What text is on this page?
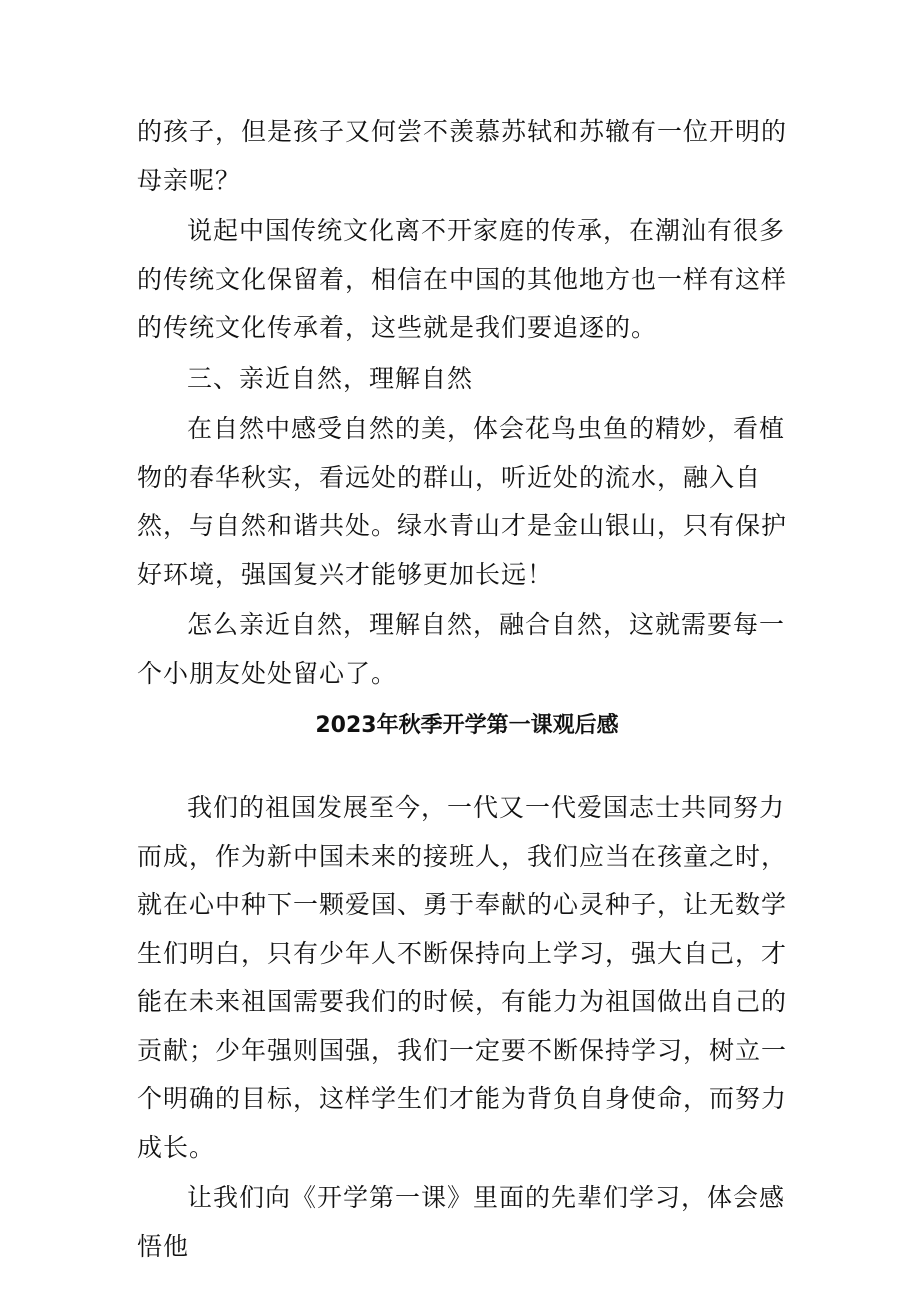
的孩子，但是孩子又何尝不羡慕苏轼和苏辙有一位开明的母亲呢？

说起中国传统文化离不开家庭的传承，在潮汕有很多的传统文化保留着，相信在中国的其他地方也一样有这样的传统文化传承着，这些就是我们要追逐的。

三、亲近自然，理解自然

在自然中感受自然的美，体会花鸟虫鱼的精妙，看植物的春华秋实，看远处的群山，听近处的流水，融入自然，与自然和谐共处。绿水青山才是金山银山，只有保护好环境，强国复兴才能够更加长远！

怎么亲近自然，理解自然，融合自然，这就需要每一个小朋友处处留心了。

2023年秋季开学第一课观后感

我们的祖国发展至今，一代又一代爱国志士共同努力而成，作为新中国未来的接班人，我们应当在孩童之时，就在心中种下一颗爱国、勇于奉献的心灵种子，让无数学生们明白，只有少年人不断保持向上学习，强大自己，才能在未来祖国需要我们的时候，有能力为祖国做出自己的贡献；少年强则国强，我们一定要不断保持学习，树立一个明确的目标，这样学生们才能为背负自身使命，而努力成长。

让我们向《开学第一课》里面的先辈们学习，体会感悟他
